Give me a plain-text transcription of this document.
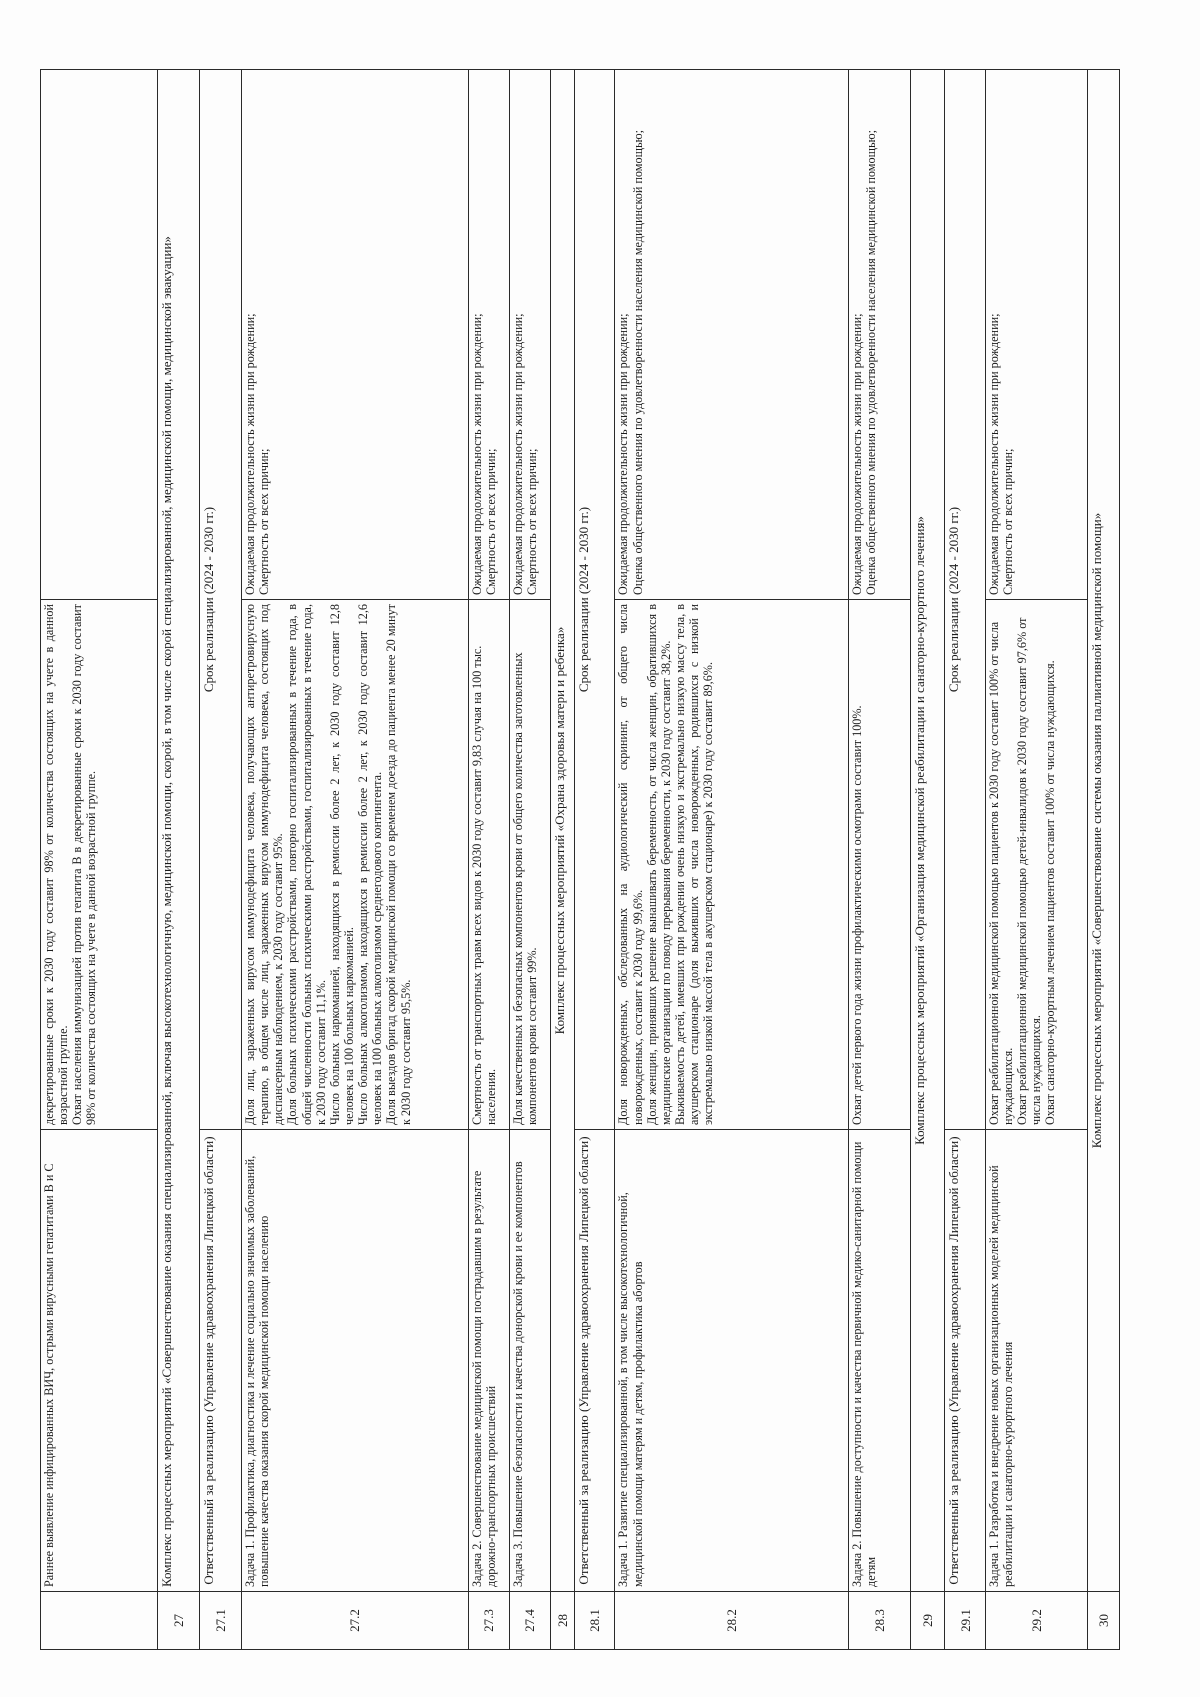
	Раннее выявление инфицированных ВИЧ, острыми вирусными гепатитами В и С	декретированные сроки к 2030 году составит 98% от количества состоящих на учете в данной возрастной группе. Охват населения иммунизацией против гепатита В в декретированные сроки к 2030 году составит 98% от количества состоящих на учете в данной возрастной группе.	

27	Комплекс процессных мероприятий «Совершенствование оказания специализированной, включая высокотехнологичную, медицинской помощи, скорой, в том числе скорой специализированной, медицинской помощи, медицинской эвакуации»		
27.1	Ответственный за реализацию (Управление здравоохранения Липецкой области)	Срок реализации (2024 - 2030 гг.)	
27.2	Задача 1. Профилактика, диагностика и лечение социально значимых заболеваний, повышение качества оказания скорой медицинской помощи населению	Доля лиц, зараженных вирусом иммунодефицита человека, получающих антиретровирусную терапию, в общем числе лиц, зараженных вирусом иммунодефицита человека, состоящих под диспансерным наблюдением, к 2030 году составит 95%. Доля больных психическими расстройствами, повторно госпитализированных в течение года, в общей численности больных психическими расстройствами, госпитализированных в течение года, к 2030 году составит 11,1%. Число больных наркоманией, находящихся в ремиссии более 2 лет, к 2030 году составит 12,8 человек на 100 больных наркоманией. Число больных алкоголизмом, находящихся в ремиссии более 2 лет, к 2030 году составит 12,6 человек на 100 больных алкоголизмом среднегодового контингента. Доля выездов бригад скорой медицинской помощи со временем доезда до пациента менее 20 минут к 2030 году составит 95,5%.	Ожидаемая продолжительность жизни при рождении; Смертность от всех причин;

27.3	Задача 2. Совершенствование медицинской помощи пострадавшим в результате дорожно-транспортных происшествий	Смертность от транспортных травм всех видов к 2030 году составит 9,83 случая на 100 тыс. населения.	Ожидаемая продолжительность жизни при рождении; Смертность от всех причин;

27.4	Задача 3. Повышение безопасности и качества донорской крови и ее компонентов	Доля качественных и безопасных компонентов крови от общего количества заготовленных компонентов крови составит 99%.	Ожидаемая продолжительность жизни при рождении; Смертность от всех причин;

28	Комплекс процессных мероприятий «Охрана здоровья матери и ребенка»		
28.1	Ответственный за реализацию (Управление здравоохранения Липецкой области)	Срок реализации (2024 - 2030 гг.)	
28.2	Задача 1. Развитие специализированной, в том числе высокотехнологичной, медицинской помощи матерям и детям, профилактика абортов	Доля новорожденных, обследованных на аудиологический скрининг, от общего числа новорожденных, составит к 2030 году 99,6%. Доля женщин, принявших решение вынашивать беременность, от числа женщин, обратившихся в медицинские организации по поводу прерывания беременности, к 2030 году составит 38,2%. Выживаемость детей, имевших при рождении очень низкую и экстремально низкую массу тела, в акушерском стационаре (доля выживших от числа новорожденных, родившихся с низкой и экстремально низкой массой тела в акушерском стационаре) к 2030 году составит 89,6%.	Ожидаемая продолжительность жизни при рождении; Оценка общественного мнения по удовлетворенности населения медицинской помощью;

28.3	Задача 2. Повышение доступности и качества первичной медико-санитарной помощи детям	Охват детей первого года жизни профилактическими осмотрами составит 100%.	Ожидаемая продолжительность жизни при рождении; Оценка общественного мнения по удовлетворенности населения медицинской помощью;

29	Комплекс процессных мероприятий «Организация медицинской реабилитации и санаторно-курортного лечения»		
29.1	Ответственный за реализацию (Управление здравоохранения Липецкой области)	Срок реализации (2024 - 2030 гг.)	
29.2	Задача 1. Разработка и внедрение новых организационных моделей медицинской реабилитации и санаторно-курортного лечения	Охват реабилитационной медицинской помощью пациентов к 2030 году составит 100% от числа нуждающихся. Охват реабилитационной медицинской помощью детей-инвалидов к 2030 году составит 97,6% от числа нуждающихся. Охват санаторно-курортным лечением пациентов составит 100% от числа нуждающихся.	Ожидаемая продолжительность жизни при рождении; Смертность от всех причин;

30	Комплекс процессных мероприятий «Совершенствование системы оказания паллиативной медицинской помощи»		
